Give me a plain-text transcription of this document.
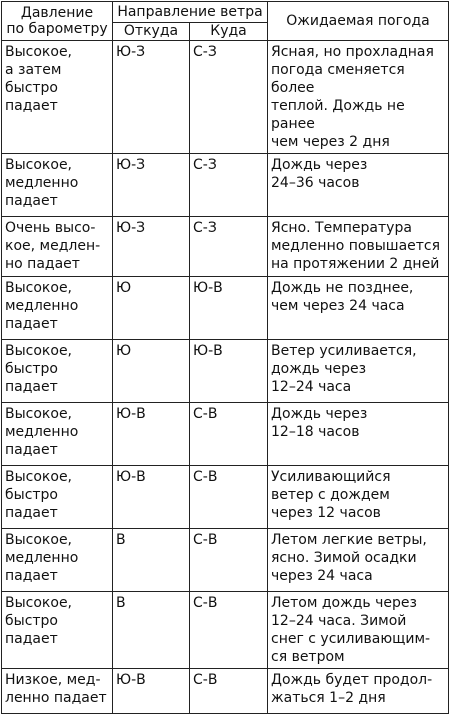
Давление
по барометру	Направление ветра		Ожидаемая погода

	Откуда	Куда	

Высокое,
а затем
быстро
падает	Ю-З	С-З	Ясная, но прохладная
погода сменяется более
теплой. Дождь не ранее
чем через 2 дня

Высокое,
медленно
падает	Ю-З	С-З	Дождь через
24–36 часов

Очень высо-
кое, медлен-
но падает	Ю-З	С-З	Ясно. Температура
медленно повышается
на протяжении 2 дней

Высокое,
медленно
падает	Ю	Ю-В	Дождь не позднее,
чем через 24 часа

Высокое,
быстро
падает	Ю	Ю-В	Ветер усиливается,
дождь через
12–24 часа

Высокое,
медленно
падает	Ю-В	С-В	Дождь через
12–18 часов

Высокое,
быстро
падает	Ю-В	С-В	Усиливающийся
ветер с дождем
через 12 часов

Высокое,
медленно
падает	В	С-В	Летом легкие ветры,
ясно. Зимой осадки
через 24 часа

Высокое,
быстро
падает	В	С-В	Летом дождь через
12–24 часа. Зимой
снег с усиливающим-
ся ветром

Низкое, мед-
ленно падает	Ю-В	С-В	Дождь будет продол-
жаться 1–2 дня
